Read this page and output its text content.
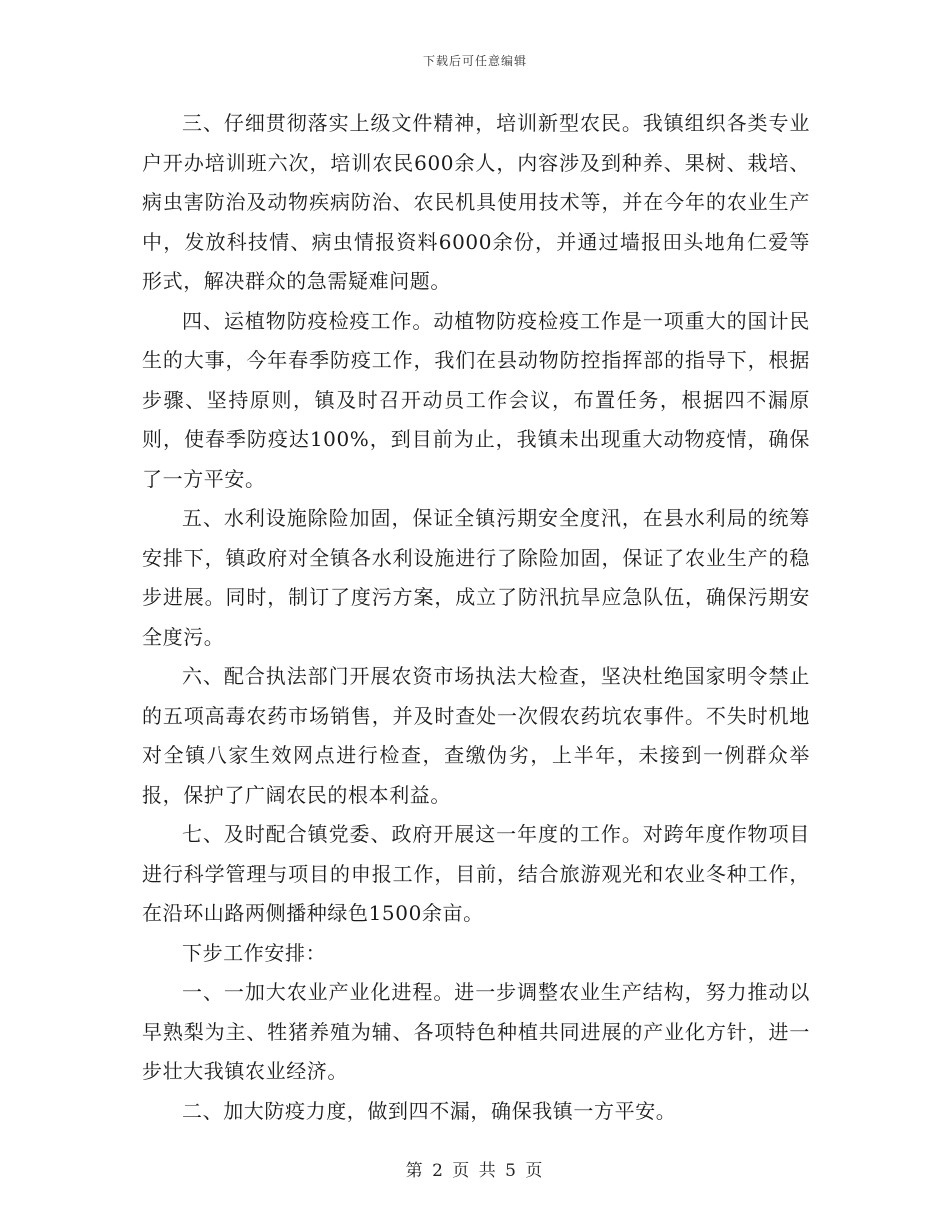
下载后可任意编辑

三、仔细贯彻落实上级文件精神，培训新型农民。我镇组织各类专业户开办培训班六次，培训农民600余人，内容涉及到种养、果树、栽培、病虫害防治及动物疾病防治、农民机具使用技术等，并在今年的农业生产中，发放科技情、病虫情报资料6000余份，并通过墙报田头地角仁爱等形式，解决群众的急需疑难问题。

四、运植物防疫检疫工作。动植物防疫检疫工作是一项重大的国计民生的大事，今年春季防疫工作，我们在县动物防控指挥部的指导下，根据步骤、坚持原则，镇及时召开动员工作会议，布置任务，根据四不漏原则，使春季防疫达100%，到目前为止，我镇未出现重大动物疫情，确保了一方平安。

五、水利设施除险加固，保证全镇污期安全度汛，在县水利局的统筹安排下，镇政府对全镇各水利设施进行了除险加固，保证了农业生产的稳步进展。同时，制订了度污方案，成立了防汛抗旱应急队伍，确保污期安全度污。

六、配合执法部门开展农资市场执法大检查，坚决杜绝国家明令禁止的五项高毒农药市场销售，并及时查处一次假农药坑农事件。不失时机地对全镇八家生效网点进行检查，查缴伪劣，上半年，未接到一例群众举报，保护了广阔农民的根本利益。

七、及时配合镇党委、政府开展这一年度的工作。对跨年度作物项目进行科学管理与项目的申报工作，目前，结合旅游观光和农业冬种工作，在沿环山路两侧播种绿色1500余亩。

下步工作安排：

一、一加大农业产业化进程。进一步调整农业生产结构，努力推动以早熟梨为主、牲猪养殖为辅、各项特色种植共同进展的产业化方针，进一步壮大我镇农业经济。

二、加大防疫力度，做到四不漏，确保我镇一方平安。

第 2 页 共 5 页
